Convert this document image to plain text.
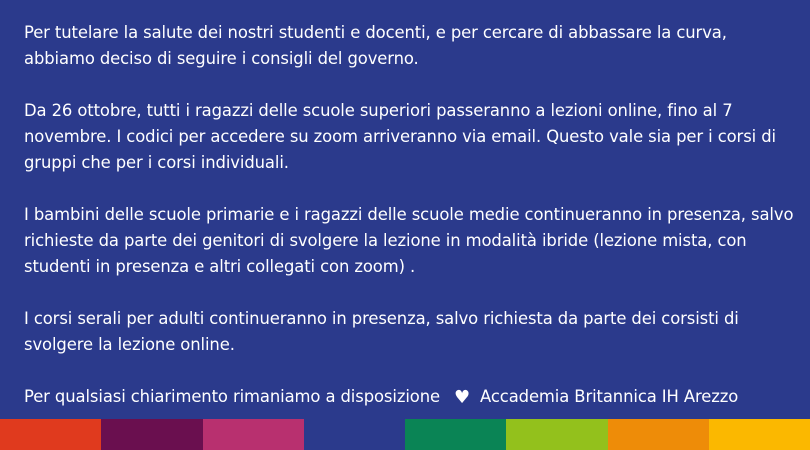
Per tutelare la salute dei nostri studenti e docenti, e per cercare di abbassare la curva, abbiamo deciso di seguire i consigli del governo.

Da 26 ottobre, tutti i ragazzi delle scuole superiori passeranno a lezioni online, fino al 7 novembre. I codici per accedere su zoom arriveranno via email. Questo vale sia per i corsi di gruppi che per i corsi individuali.

I bambini delle scuole primarie e i ragazzi delle scuole medie continueranno in presenza, salvo richieste da parte dei genitori di svolgere la lezione in modalità ibride (lezione mista, con studenti in presenza e altri collegati con zoom) .

I corsi serali per adulti continueranno in presenza, salvo richiesta da parte dei corsisti di svolgere la lezione online.

Per qualsiasi chiarimento rimaniamo a disposizione ♥ Accademia Britannica IH Arezzo
